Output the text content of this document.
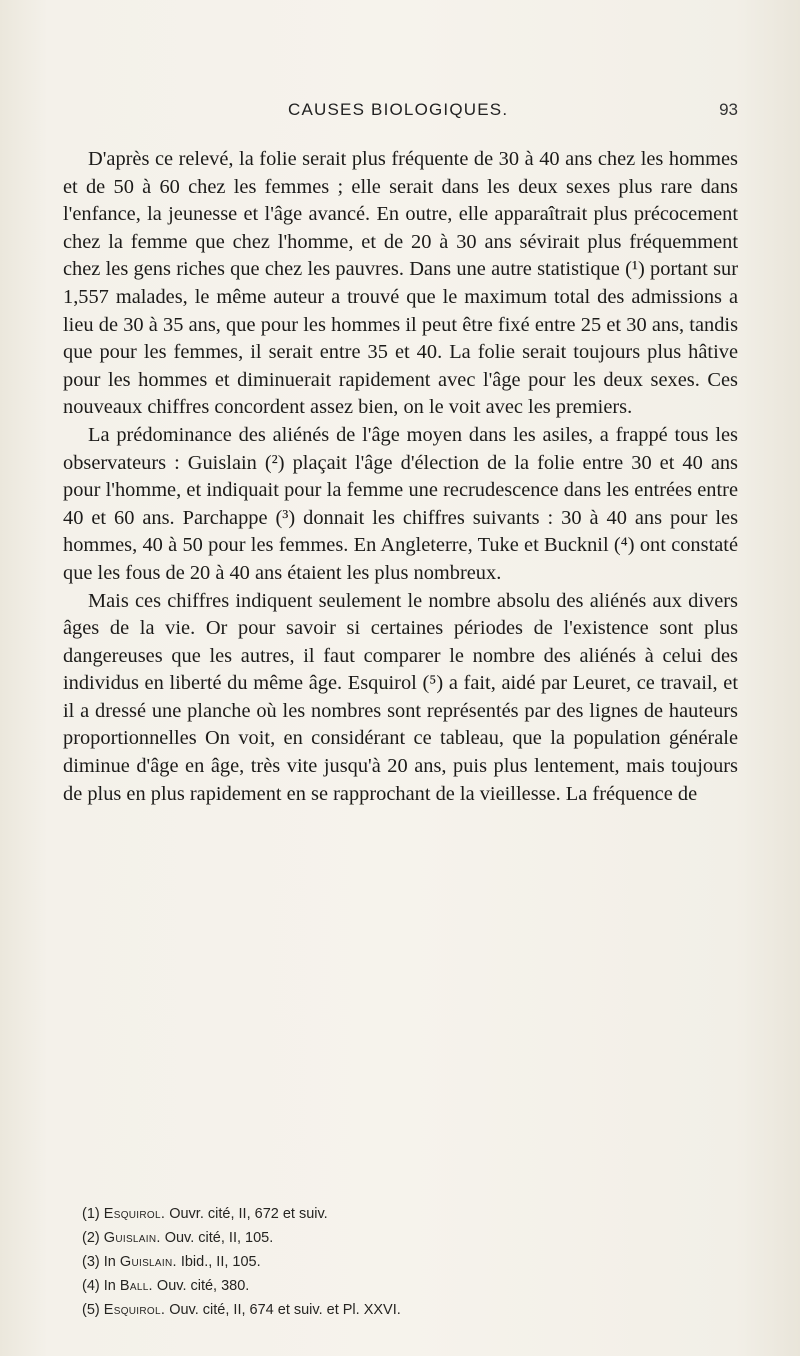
CAUSES BIOLOGIQUES.	93

D'après ce relevé, la folie serait plus fréquente de 30 à 40 ans chez les hommes et de 50 à 60 chez les femmes ; elle serait dans les deux sexes plus rare dans l'enfance, la jeunesse et l'âge avancé. En outre, elle apparaîtrait plus précocement chez la femme que chez l'homme, et de 20 à 30 ans sévirait plus fréquemment chez les gens riches que chez les pauvres. Dans une autre statistique (¹) portant sur 1,557 malades, le même auteur a trouvé que le maximum total des admissions a lieu de 30 à 35 ans, que pour les hommes il peut être fixé entre 25 et 30 ans, tandis que pour les femmes, il serait entre 35 et 40. La folie serait toujours plus hâtive pour les hommes et diminuerait rapidement avec l'âge pour les deux sexes. Ces nouveaux chiffres concordent assez bien, on le voit avec les premiers.

La prédominance des aliénés de l'âge moyen dans les asiles, a frappé tous les observateurs : Guislain (²) plaçait l'âge d'élection de la folie entre 30 et 40 ans pour l'homme, et indiquait pour la femme une recrudescence dans les entrées entre 40 et 60 ans. Parchappe (³) donnait les chiffres suivants : 30 à 40 ans pour les hommes, 40 à 50 pour les femmes. En Angleterre, Tuke et Bucknil (⁴) ont constaté que les fous de 20 à 40 ans étaient les plus nombreux.

Mais ces chiffres indiquent seulement le nombre absolu des aliénés aux divers âges de la vie. Or pour savoir si certaines périodes de l'existence sont plus dangereuses que les autres, il faut comparer le nombre des aliénés à celui des individus en liberté du même âge. Esquirol (⁵) a fait, aidé par Leuret, ce travail, et il a dressé une planche où les nombres sont représentés par des lignes de hauteurs proportionnelles On voit, en considérant ce tableau, que la population générale diminue d'âge en âge, très vite jusqu'à 20 ans, puis plus lentement, mais toujours de plus en plus rapidement en se rapprochant de la vieillesse. La fréquence de

(1) Esquirol. Ouvr. cité, II, 672 et suiv.
(2) Guislain. Ouv. cité, II, 105.
(3) In Guislain. Ibid., II, 105.
(4) In Ball. Ouv. cité, 380.
(5) Esquirol. Ouv. cité, II, 674 et suiv. et Pl. XXVI.
